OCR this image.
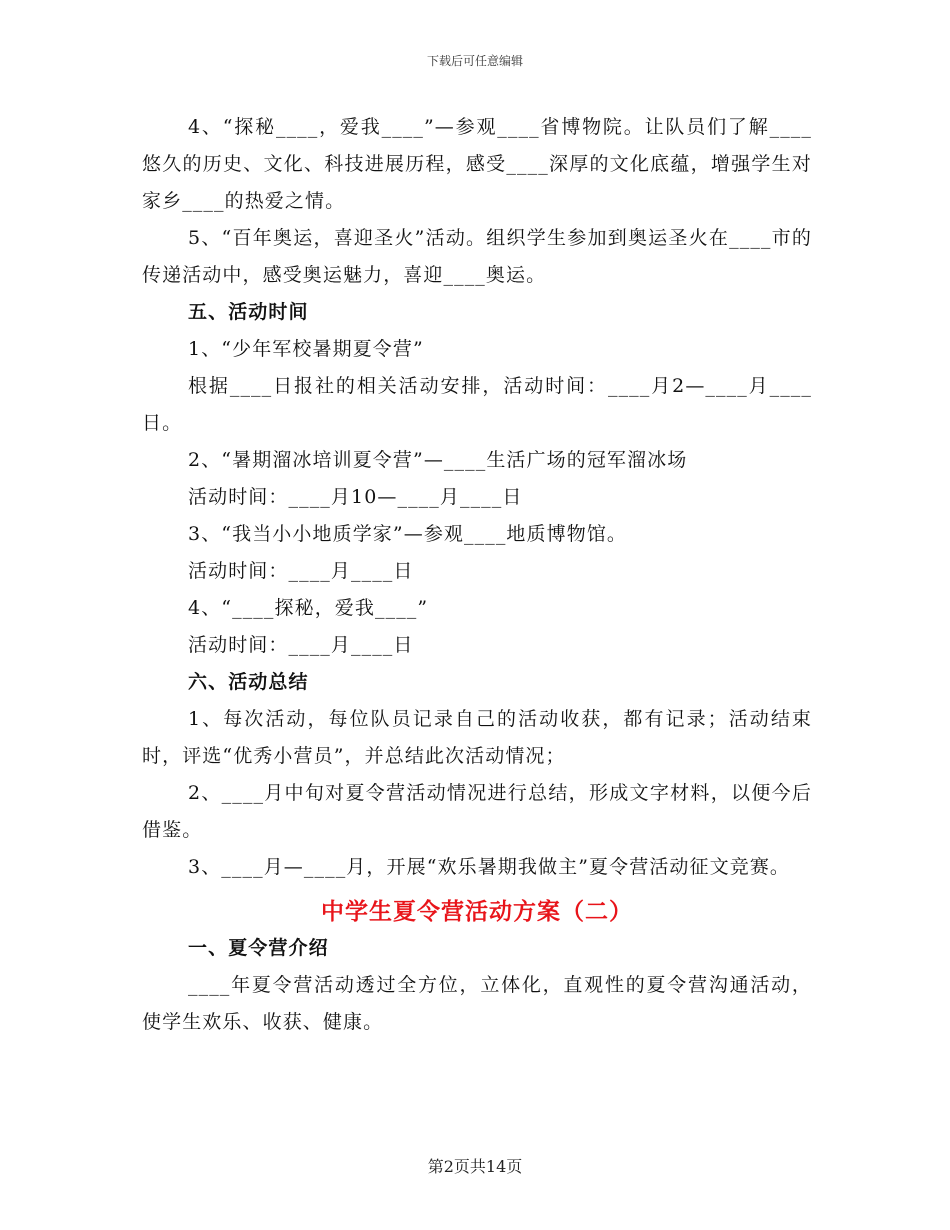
下载后可任意编辑

4、“探秘____，爱我____”—参观____省博物院。让队员们了解____悠久的历史、文化、科技进展历程，感受____深厚的文化底蕴，增强学生对家乡____的热爱之情。

5、“百年奥运，喜迎圣火”活动。组织学生参加到奥运圣火在____市的传递活动中，感受奥运魅力，喜迎____奥运。

五、活动时间

1、“少年军校暑期夏令营”

根据____日报社的相关活动安排，活动时间：____月2—____月____日。

2、“暑期溜冰培训夏令营”—____生活广场的冠军溜冰场

活动时间：____月10—____月____日

3、“我当小小地质学家”—参观____地质博物馆。

活动时间：____月____日

4、“____探秘，爱我____”

活动时间：____月____日

六、活动总结

1、每次活动，每位队员记录自己的活动收获，都有记录；活动结束时，评选“优秀小营员”，并总结此次活动情况；

2、____月中旬对夏令营活动情况进行总结，形成文字材料，以便今后借鉴。

3、____月—____月，开展“欢乐暑期我做主”夏令营活动征文竞赛。

中学生夏令营活动方案（二）

一、夏令营介绍

____年夏令营活动透过全方位，立体化，直观性的夏令营沟通活动，使学生欢乐、收获、健康。

第2页共14页
